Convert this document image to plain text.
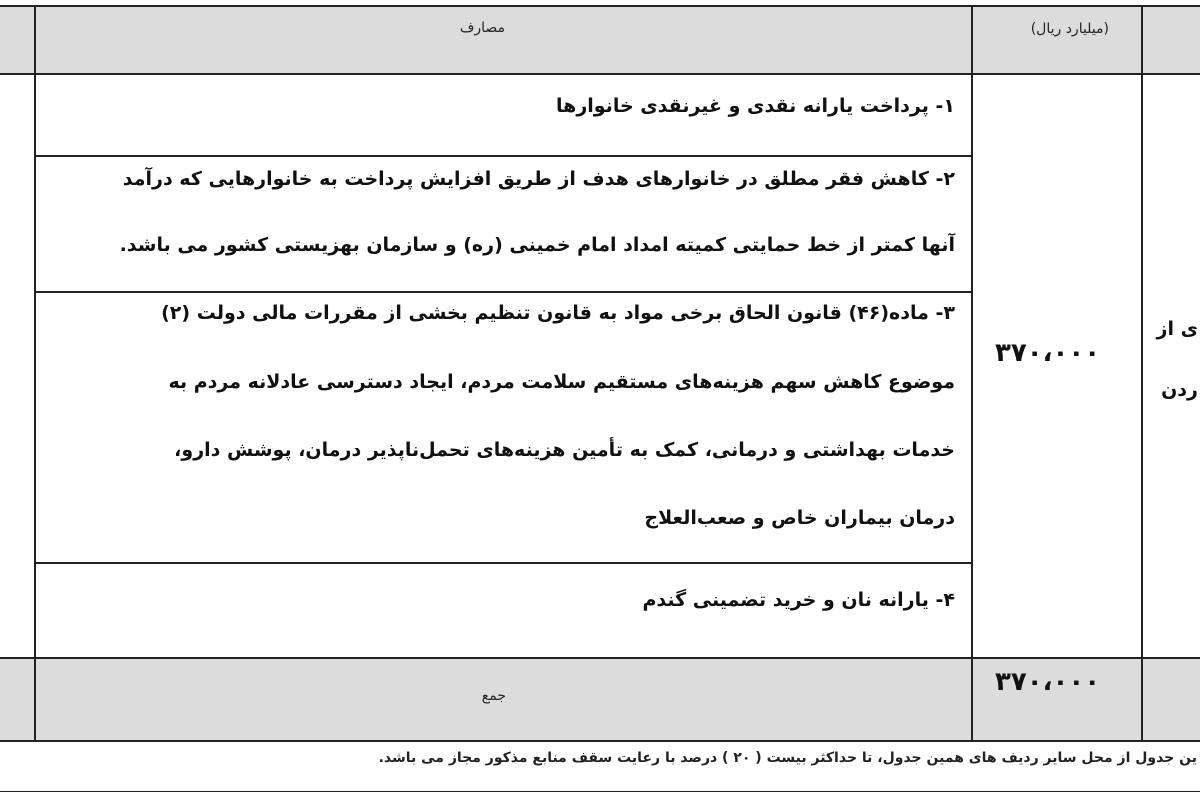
مصارف	(میلیارد ریال)
۱- پرداخت یارانه نقدی و غیرنقدی خانوارها
۲- کاهش فقر مطلق در خانوارهای هدف از طریق افزایش پرداخت به خانوارهایی که درآمد
آنها کمتر از خط حمایتی کمیته امداد امام خمینی (ره) و سازمان بهزیستی کشور می باشد.
۳- ماده(۴۶) قانون الحاق برخی مواد به قانون تنظیم بخشی از مقررات مالی دولت (۲)
موضوع کاهش سهم هزینه‌های مستقیم سلامت مردم، ایجاد دسترسی عادلانه مردم به
خدمات بهداشتی و درمانی، کمک به تأمین هزینه‌های تحمل‌ناپذیر درمان، پوشش دارو،
درمان بیماران خاص و صعب‌العلاج
۴- یارانه نان و خرید تضمینی گندم
۳۷۰،۰۰۰
ی از
ردن
جمع	۳۷۰،۰۰۰
ین جدول از محل سایر ردیف های همین جدول، تا حداکثر بیست ( ۲۰ ) درصد با رعایت سقف منابع مذکور مجاز می باشد.
